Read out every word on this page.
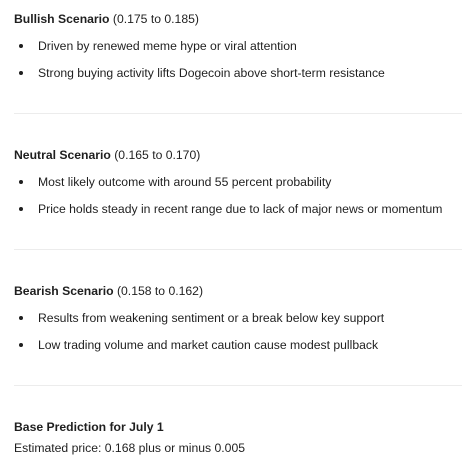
Bullish Scenario (0.175 to 0.185)
Driven by renewed meme hype or viral attention
Strong buying activity lifts Dogecoin above short-term resistance
Neutral Scenario (0.165 to 0.170)
Most likely outcome with around 55 percent probability
Price holds steady in recent range due to lack of major news or momentum
Bearish Scenario (0.158 to 0.162)
Results from weakening sentiment or a break below key support
Low trading volume and market caution cause modest pullback
Base Prediction for July 1
Estimated price: 0.168 plus or minus 0.005
